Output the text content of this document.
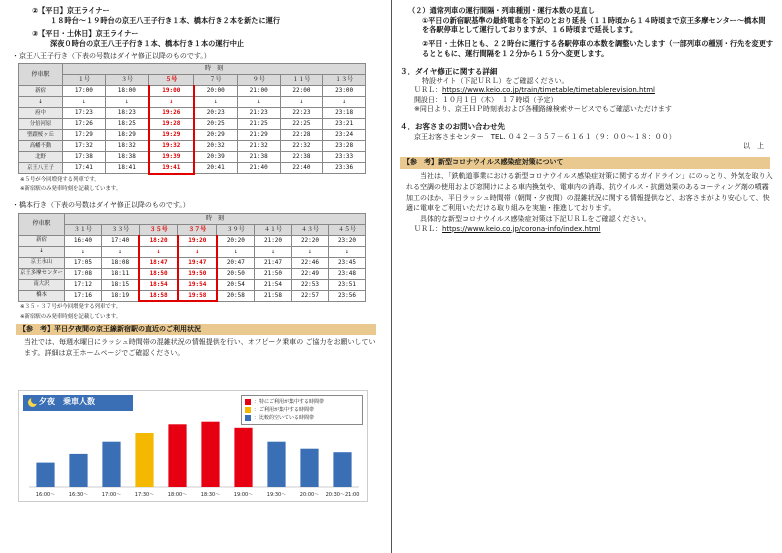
②【平日】京王ライナー
１８時台～１９時台の京王八王子行き１本、橋本行き２本を新たに運行
③【平日・土休日】京王ライナー
深夜０時台の京王八王子行き１本、橋本行き１本の運行中止
・京王八王子行き（下表の号数はダイヤ修正以降のものです。）
停車駅	時　刻						
	１号	３号	５号	７号	９号	１１号	１３号
新宿	17:00	18:00	19:00	20:00	21:00	22:00	23:00
↓	↓	↓	↓	↓	↓	↓	↓
府中	17:23	18:23	19:26	20:23	21:23	22:23	23:18
分倍河原	17:26	18:25	19:28	20:25	21:25	22:25	23:21
聖蹟桜ヶ丘	17:29	18:29	19:29	20:29	21:29	22:28	23:24
高幡不動	17:32	18:32	19:32	20:32	21:32	22:32	23:28
北野	17:38	18:38	19:39	20:39	21:38	22:38	23:33
京王八王子	17:41	18:41	19:41	20:41	21:40	22:40	23:36
※５号が今回増発する列車です。
※新宿駅のみ発車時刻を記載しています。
・橋本行き（下表の号数はダイヤ修正以降のものです。）
停車駅	時　刻							
	３１号	３３号	３５号	３７号	３９号	４１号	４３号	４５号
新宿	16:40	17:40	18:20	19:20	20:20	21:20	22:20	23:20
↓	↓	↓	↓	↓	↓	↓	↓	↓
京王永山	17:05	18:08	18:47	19:47	20:47	21:47	22:46	23:45
京王多摩センター	17:08	18:11	18:50	19:50	20:50	21:50	22:49	23:48
南大沢	17:12	18:15	18:54	19:54	20:54	21:54	22:53	23:51
橋本	17:16	18:19	18:58	19:58	20:58	21:58	22:57	23:56
※３５・３７号が今回増発する列車です。
※新宿駅のみ発車時刻を記載しています。
【参　考】平日夕夜間の京王線新宿駅の直近のご利用状況
当社では、毎週水曜日にラッシュ時間帯の混雑状況の情報提供を行い、オフピーク乗車の ご協力をお願いしています。詳細は京王ホームページでご確認ください。
夕夜　乗車人数	：特にご利用が集中する時間帯
：ご利用が集中する時間帯
：比較的空いている時間帯
16:00～	16:30～	17:00～	17:30～	18:00～	18:30～	19:00～	19:30～	20:00～ 20:30～21:00
（２）通常列車の運行間隔・列車種別・運行本数の見直し
①平日の新宿駅基準の最終電車を下記のとおり延長（１１時頃から１４時頃まで京王多摩センター～橋本間 を各駅停車として運行しておりますが、１６時頃まで延長します。
②平日・土休日とも、２２時台に運行する各駅停車の本数を調整いたします（一部列車の種別・行先を変更するとともに、運行間隔を１２分から１５分へ変更します。
３．ダイヤ修正に関する詳細
特設サイト（下記ＵＲＬ）をご確認ください。
ＵＲＬ：https://www.keio.co.jp/train/timetable/timetablerevision.html
開設日：１０月１日（木）　１７時頃（予定）
※同日より、京王ＨＰ時刻表および各種路線検索サービスでもご確認いただけます
４．お客さまのお問い合わせ先
京王お客さまセンター　TEL. ０４２－３５７－６１６１（９：００～１８：００）
以　上
【参　考】新型コロナウイルス感染症対策について
当社は、「鉄軌道事業における新型コロナウイルス感染症対策に関するガイドライン」にのっとり、外気を取り入れる空調の使用および窓開けによる車内換気や、電車内の消毒、抗ウイルス・抗菌効果のあるコーティング剤の噴霧加工のほか、平日ラッシュ時間帯（朝間・夕夜間）の混雑状況に関する情報提供など、お客さまがより安心して、快適に電車をご利用いただける取り組みを実施・推進しております。
具体的な新型コロナウイルス感染症対策は下記ＵＲＬをご確認ください。
ＵＲＬ：https://www.keio.co.jp/corona-info/index.html
